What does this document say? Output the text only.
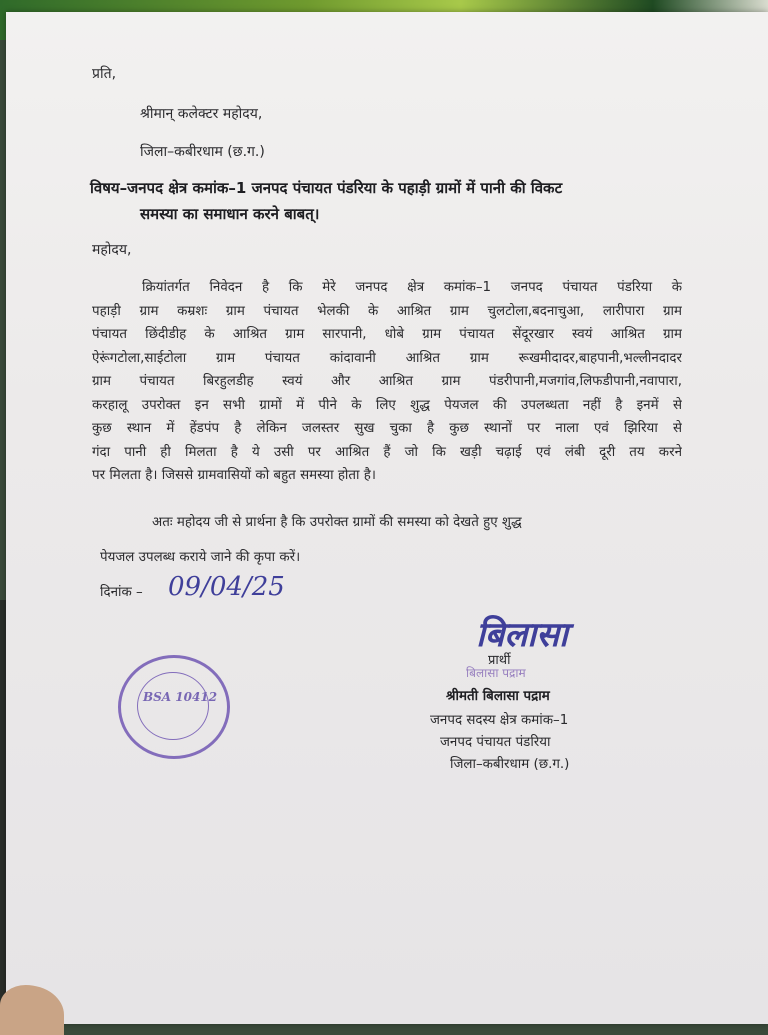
प्रति,
श्रीमान् कलेक्टर महोदय,
जिला–कबीरधाम (छ.ग.)
विषय–जनपद क्षेत्र कमांक–1 जनपद पंचायत पंडरिया के पहाड़ी ग्रामों में पानी की विकट
समस्या का समाधान करने बाबत्।
महोदय,
क्रियांतर्गत निवेदन है कि मेरे जनपद क्षेत्र कमांक–1 जनपद पंचायत पंडरिया के
पहाड़ी ग्राम कम्रशः ग्राम पंचायत भेलकी के आश्रित ग्राम चुलटोला,बदनाचुआ, लारीपारा ग्राम
पंचायत छिंदीडीह के आश्रित ग्राम सारपानी, धोबे ग्राम पंचायत सेंदूरखार स्वयं आश्रित ग्राम
ऐरूंगटोला,साईटोला ग्राम पंचायत कांदावानी आश्रित ग्राम रूखमीदादर,बाहपानी,भल्लीनदादर
ग्राम पंचायत बिरहुलडीह स्वयं और आश्रित ग्राम पंडरीपानी,मजगांव,लिफडीपानी,नवापारा,
करहालू उपरोक्त इन सभी ग्रामों में पीने के लिए शुद्ध पेयजल की उपलब्धता नहीं है इनमें से
कुछ स्थान में हेंडपंप है लेकिन जलस्तर सुख चुका है कुछ स्थानों पर नाला एवं झिरिया से
गंदा पानी ही मिलता है ये उसी पर आश्रित हैं जो कि खड़ी चढ़ाई एवं लंबी दूरी तय करने
पर मिलता है। जिससे ग्रामवासियों को बहुत समस्या होता है।
अतः महोदय जी से प्रार्थना है कि उपरोक्त ग्रामों की समस्या को देखते हुए शुद्ध
पेयजल उपलब्ध कराये जाने की कृपा करें।
दिनांक – 09/04/25
बिलासा
प्रार्थी
बिलासा पद्राम
श्रीमती बिलासा पद्राम
जनपद सदस्य क्षेत्र कमांक–1
जनपद पंचायत पंडरिया
जिला–कबीरधाम (छ.ग.)
BSA 10412
